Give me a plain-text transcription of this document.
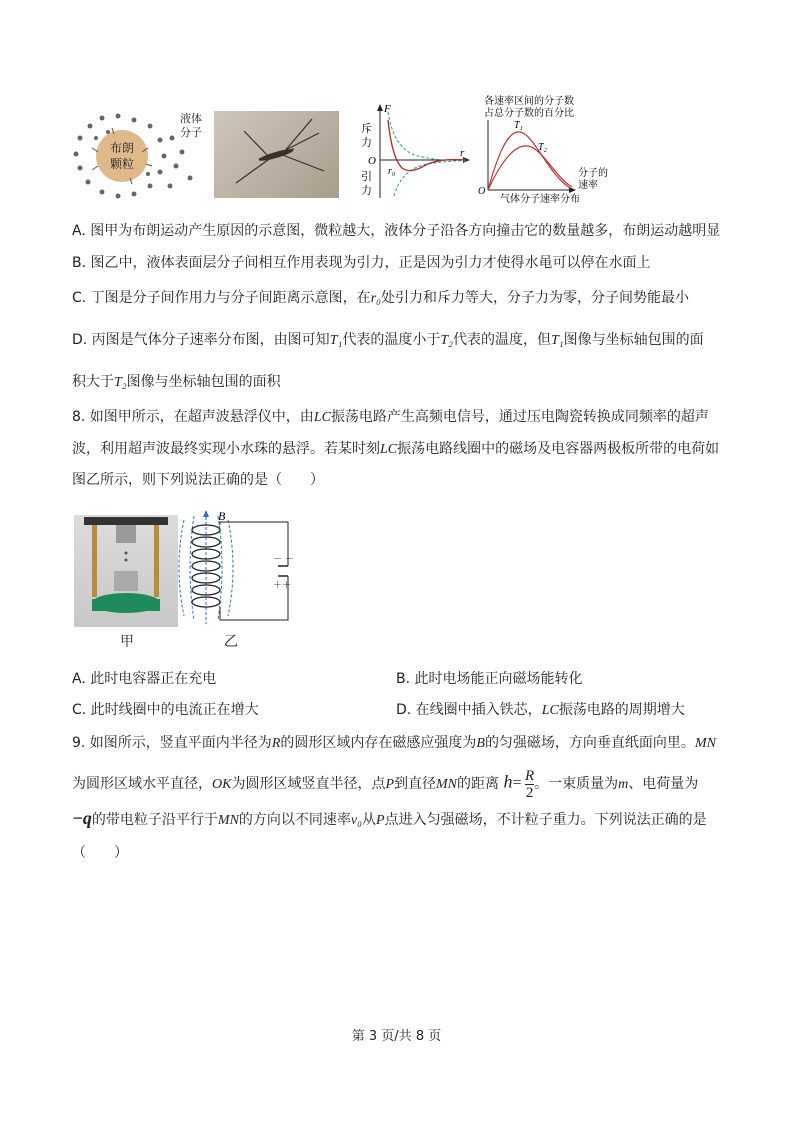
布朗
颗粒
液体
分子
F
r
O
r₀
斥
力
引
力
各速率区间的分子数
占总分子数的百分比
O
T₁
T₂
分子的
速率
气体分子速率分布
A. 图甲为布朗运动产生原因的示意图，微粒越大，液体分子沿各方向撞击它的数量越多，布朗运动越明显
B. 图乙中，液体表面层分子间相互作用表现为引力，正是因为引力才使得水黾可以停在水面上
C. 丁图是分子间作用力与分子间距离示意图，在r₀处引力和斥力等大，分子力为零，分子间势能最小
D. 丙图是气体分子速率分布图，由图可知T₁代表的温度小于T₂代表的温度，但T₁图像与坐标轴包围的面
积大于T₂图像与坐标轴包围的面积
8. 如图甲所示，在超声波悬浮仪中，由LC振荡电路产生高频电信号，通过压电陶瓷转换成同频率的超声
波，利用超声波最终实现小水珠的悬浮。若某时刻LC振荡电路线圈中的磁场及电容器两极板所带的电荷如
图乙所示，则下列说法正确的是（　　）
甲
B
－ －
＋＋
乙
A. 此时电容器正在充电	B. 此时电场能正向磁场能转化
C. 此时线圈中的电流正在增大	D. 在线圈中插入铁芯，LC振荡电路的周期增大
9. 如图所示，竖直平面内半径为R的圆形区域内存在磁感应强度为B的匀强磁场，方向垂直纸面向里。MN
为圆形区域水平直径，OK为圆形区域竖直半径，点P到直径MN的距离 $h= \frac{R}{2}$ 。一束质量为m、电荷量为
−q的带电粒子沿平行于MN的方向以不同速率v₀从P点进入匀强磁场，不计粒子重力。下列说法正确的是
（　　）
第 3 页/共 8 页
